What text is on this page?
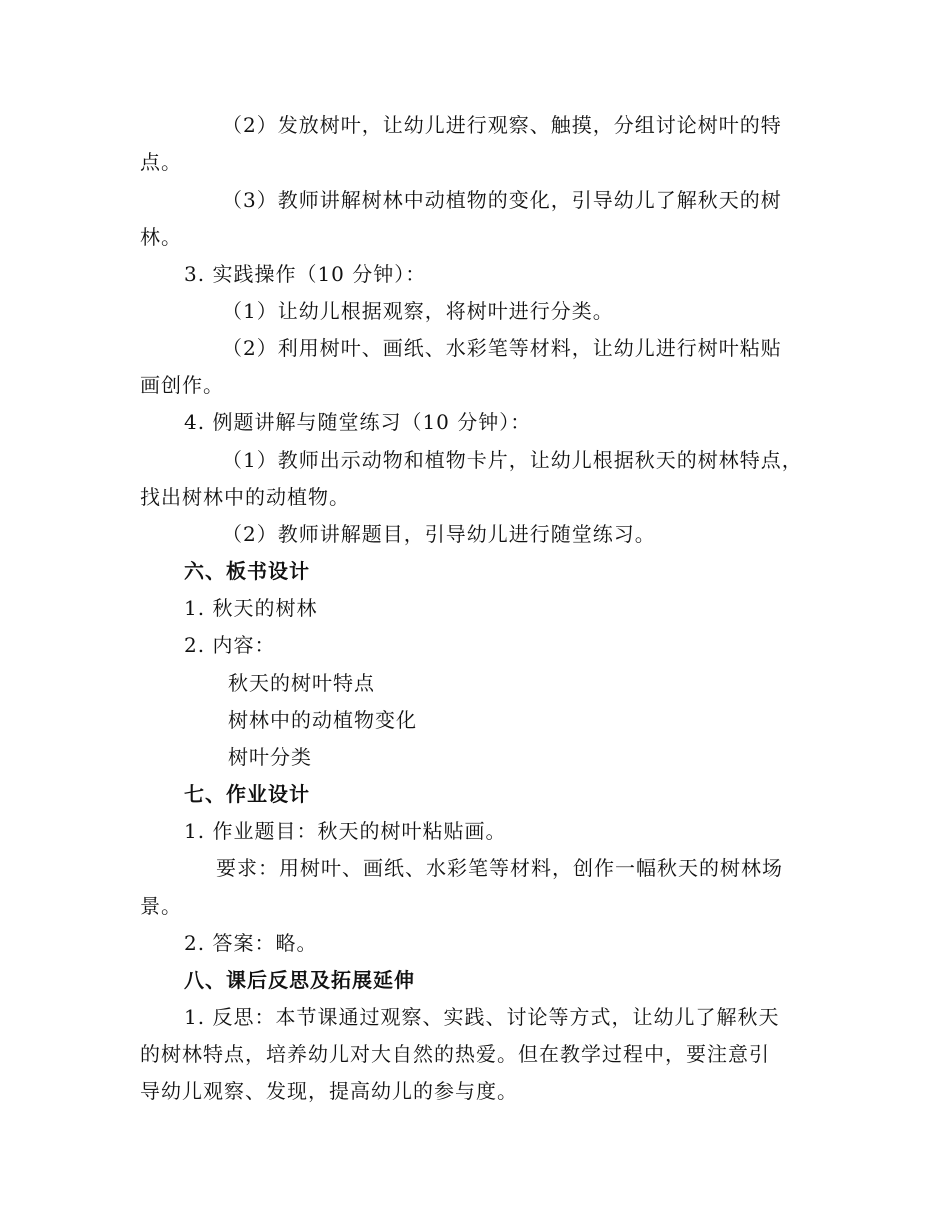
（2）发放树叶，让幼儿进行观察、触摸，分组讨论树叶的特
点。
（3）教师讲解树林中动植物的变化，引导幼儿了解秋天的树
林。
3. 实践操作（10 分钟）：
（1）让幼儿根据观察，将树叶进行分类。
（2）利用树叶、画纸、水彩笔等材料，让幼儿进行树叶粘贴
画创作。
4. 例题讲解与随堂练习（10 分钟）：
（1）教师出示动物和植物卡片，让幼儿根据秋天的树林特点，
找出树林中的动植物。
（2）教师讲解题目，引导幼儿进行随堂练习。
六、板书设计
1. 秋天的树林
2. 内容：
秋天的树叶特点
树林中的动植物变化
树叶分类
七、作业设计
1. 作业题目：秋天的树叶粘贴画。
要求：用树叶、画纸、水彩笔等材料，创作一幅秋天的树林场
景。
2. 答案：略。
八、课后反思及拓展延伸
1. 反思：本节课通过观察、实践、讨论等方式，让幼儿了解秋天
的树林特点，培养幼儿对大自然的热爱。但在教学过程中，要注意引
导幼儿观察、发现，提高幼儿的参与度。
